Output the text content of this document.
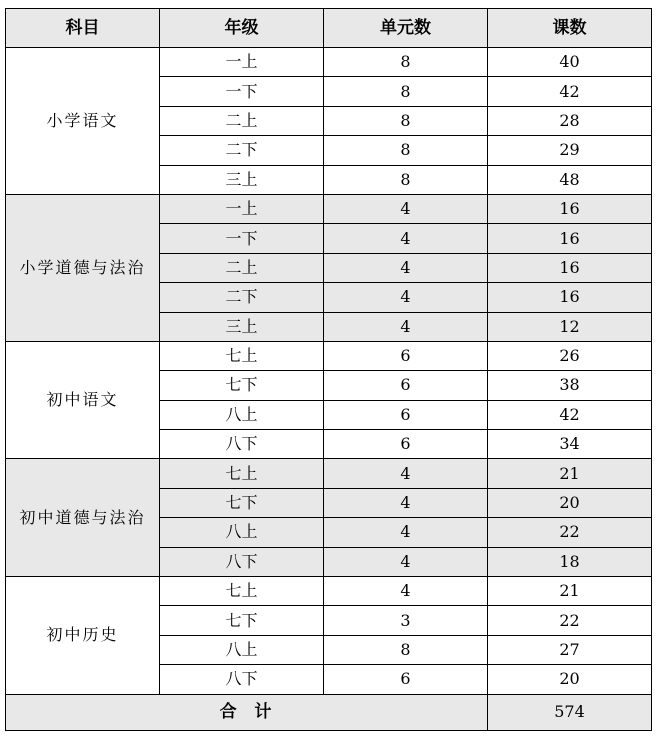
科目	年级	单元数	课数
小学语文	一上	8	40
	一下	8	42
	二上	8	28
	二下	8	29
	三上	8	48
小学道德与法治	一上	4	16
	一下	4	16
	二上	4	16
	二下	4	16
	三上	4	12
初中语文	七上	6	26
	七下	6	38
	八上	6	42
	八下	6	34
初中道德与法治	七上	4	21
	七下	4	20
	八上	4	22
	八下	4	18
初中历史	七上	4	21
	七下	3	22
	八上	8	27
	八下	6	20
合  计			574
